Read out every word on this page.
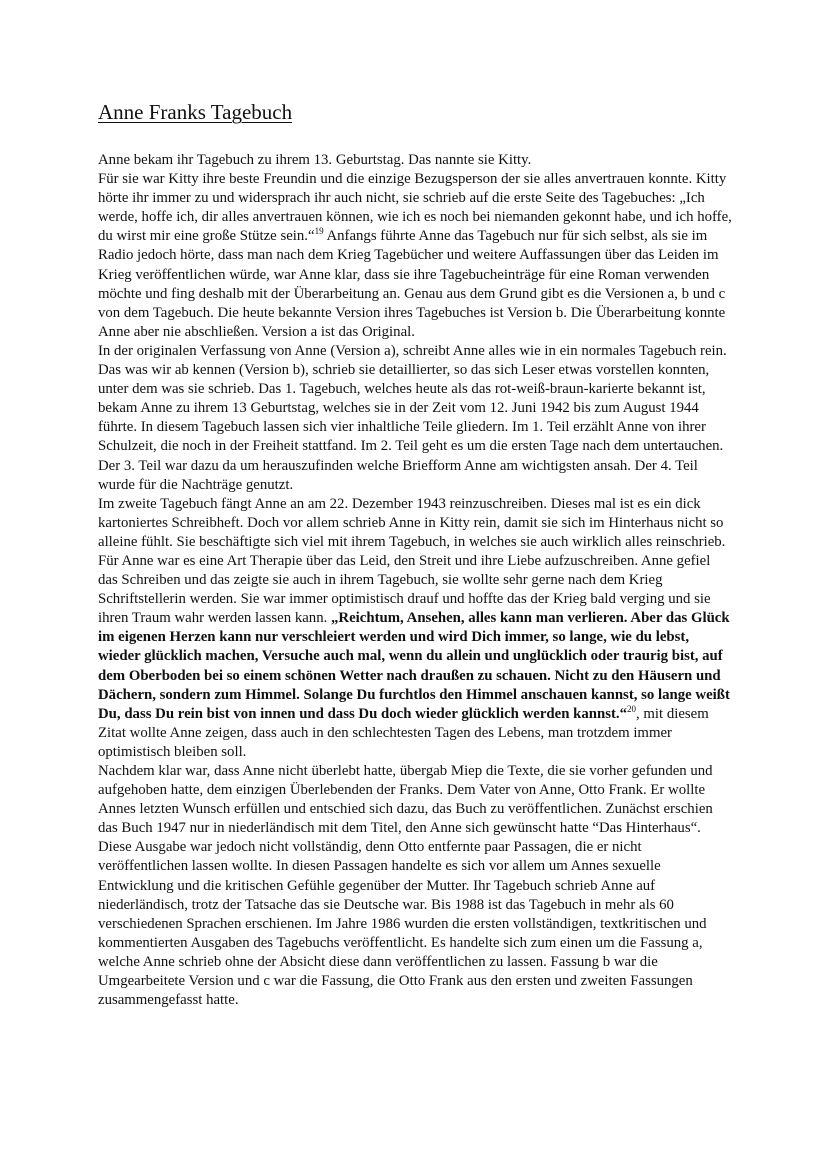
Anne Franks Tagebuch

Anne bekam ihr Tagebuch zu ihrem 13. Geburtstag. Das nannte sie Kitty.

Für sie war Kitty ihre beste Freundin und die einzige Bezugsperson der sie alles anvertrauen konnte. Kitty hörte ihr immer zu und widersprach ihr auch nicht, sie schrieb auf die erste Seite des Tagebuches: „Ich werde, hoffe ich, dir alles anvertrauen können, wie ich es noch bei niemanden gekonnt habe, und ich hoffe, du wirst mir eine große Stütze sein.“$^{19}$ Anfangs führte Anne das Tagebuch nur für sich selbst, als sie im Radio jedoch hörte, dass man nach dem Krieg Tagebücher und weitere Auffassungen über das Leiden im Krieg veröffentlichen würde, war Anne klar, dass sie ihre Tagebucheinträge für eine Roman verwenden möchte und fing deshalb mit der Überarbeitung an. Genau aus dem Grund gibt es die Versionen a, b und c von dem Tagebuch. Die heute bekannte Version ihres Tagebuches ist Version b. Die Überarbeitung konnte Anne aber nie abschließen. Version a ist das Original.

In der originalen Verfassung von Anne (Version a), schreibt Anne alles wie in ein normales Tagebuch rein. Das was wir ab kennen (Version b), schrieb sie detaillierter, so das sich Leser etwas vorstellen konnten, unter dem was sie schrieb. Das 1. Tagebuch, welches heute als das rot-weiß-braun-karierte bekannt ist, bekam Anne zu ihrem 13 Geburtstag, welches sie in der Zeit vom 12. Juni 1942 bis zum August 1944 führte. In diesem Tagebuch lassen sich vier inhaltliche Teile gliedern. Im 1. Teil erzählt Anne von ihrer Schulzeit, die noch in der Freiheit stattfand. Im 2. Teil geht es um die ersten Tage nach dem untertauchen. Der 3. Teil war dazu da um herauszufinden welche Briefform Anne am wichtigsten ansah. Der 4. Teil wurde für die Nachträge genutzt.

Im zweite Tagebuch fängt Anne an am 22. Dezember 1943 reinzuschreiben. Dieses mal ist es ein dick kartoniertes Schreibheft. Doch vor allem schrieb Anne in Kitty rein, damit sie sich im Hinterhaus nicht so alleine fühlt. Sie beschäftigte sich viel mit ihrem Tagebuch, in welches sie auch wirklich alles reinschrieb. Für Anne war es eine Art Therapie über das Leid, den Streit und ihre Liebe aufzuschreiben. Anne gefiel das Schreiben und das zeigte sie auch in ihrem Tagebuch, sie wollte sehr gerne nach dem Krieg Schriftstellerin werden. Sie war immer optimistisch drauf und hoffte das der Krieg bald verging und sie ihren Traum wahr werden lassen kann. „Reichtum, Ansehen, alles kann man verlieren. Aber das Glück im eigenen Herzen kann nur verschleiert werden und wird Dich immer, so lange, wie du lebst, wieder glücklich machen, Versuche auch mal, wenn du allein und unglücklich oder traurig bist, auf dem Oberboden bei so einem schönen Wetter nach draußen zu schauen. Nicht zu den Häusern und Dächern, sondern zum Himmel. Solange Du furchtlos den Himmel anschauen kannst, so lange weißt Du, dass Du rein bist von innen und dass Du doch wieder glücklich werden kannst.“$^{20}$, mit diesem Zitat wollte Anne zeigen, dass auch in den schlechtesten Tagen des Lebens, man trotzdem immer optimistisch bleiben soll.

Nachdem klar war, dass Anne nicht überlebt hatte, übergab Miep die Texte, die sie vorher gefunden und aufgehoben hatte, dem einzigen Überlebenden der Franks. Dem Vater von Anne, Otto Frank. Er wollte Annes letzten Wunsch erfüllen und entschied sich dazu, das Buch zu veröffentlichen. Zunächst erschien das Buch 1947 nur in niederländisch mit dem Titel, den Anne sich gewünscht hatte “Das Hinterhaus“. Diese Ausgabe war jedoch nicht vollständig, denn Otto entfernte paar Passagen, die er nicht veröffentlichen lassen wollte. In diesen Passagen handelte es sich vor allem um Annes sexuelle Entwicklung und die kritischen Gefühle gegenüber der Mutter. Ihr Tagebuch schrieb Anne auf niederländisch, trotz der Tatsache das sie Deutsche war. Bis 1988 ist das Tagebuch in mehr als 60 verschiedenen Sprachen erschienen. Im Jahre 1986 wurden die ersten vollständigen, textkritischen und kommentierten Ausgaben des Tagebuchs veröffentlicht. Es handelte sich zum einen um die Fassung a, welche Anne schrieb ohne der Absicht diese dann veröffentlichen zu lassen. Fassung b war die Umgearbeitete Version und c war die Fassung, die Otto Frank aus den ersten und zweiten Fassungen zusammengefasst hatte.
